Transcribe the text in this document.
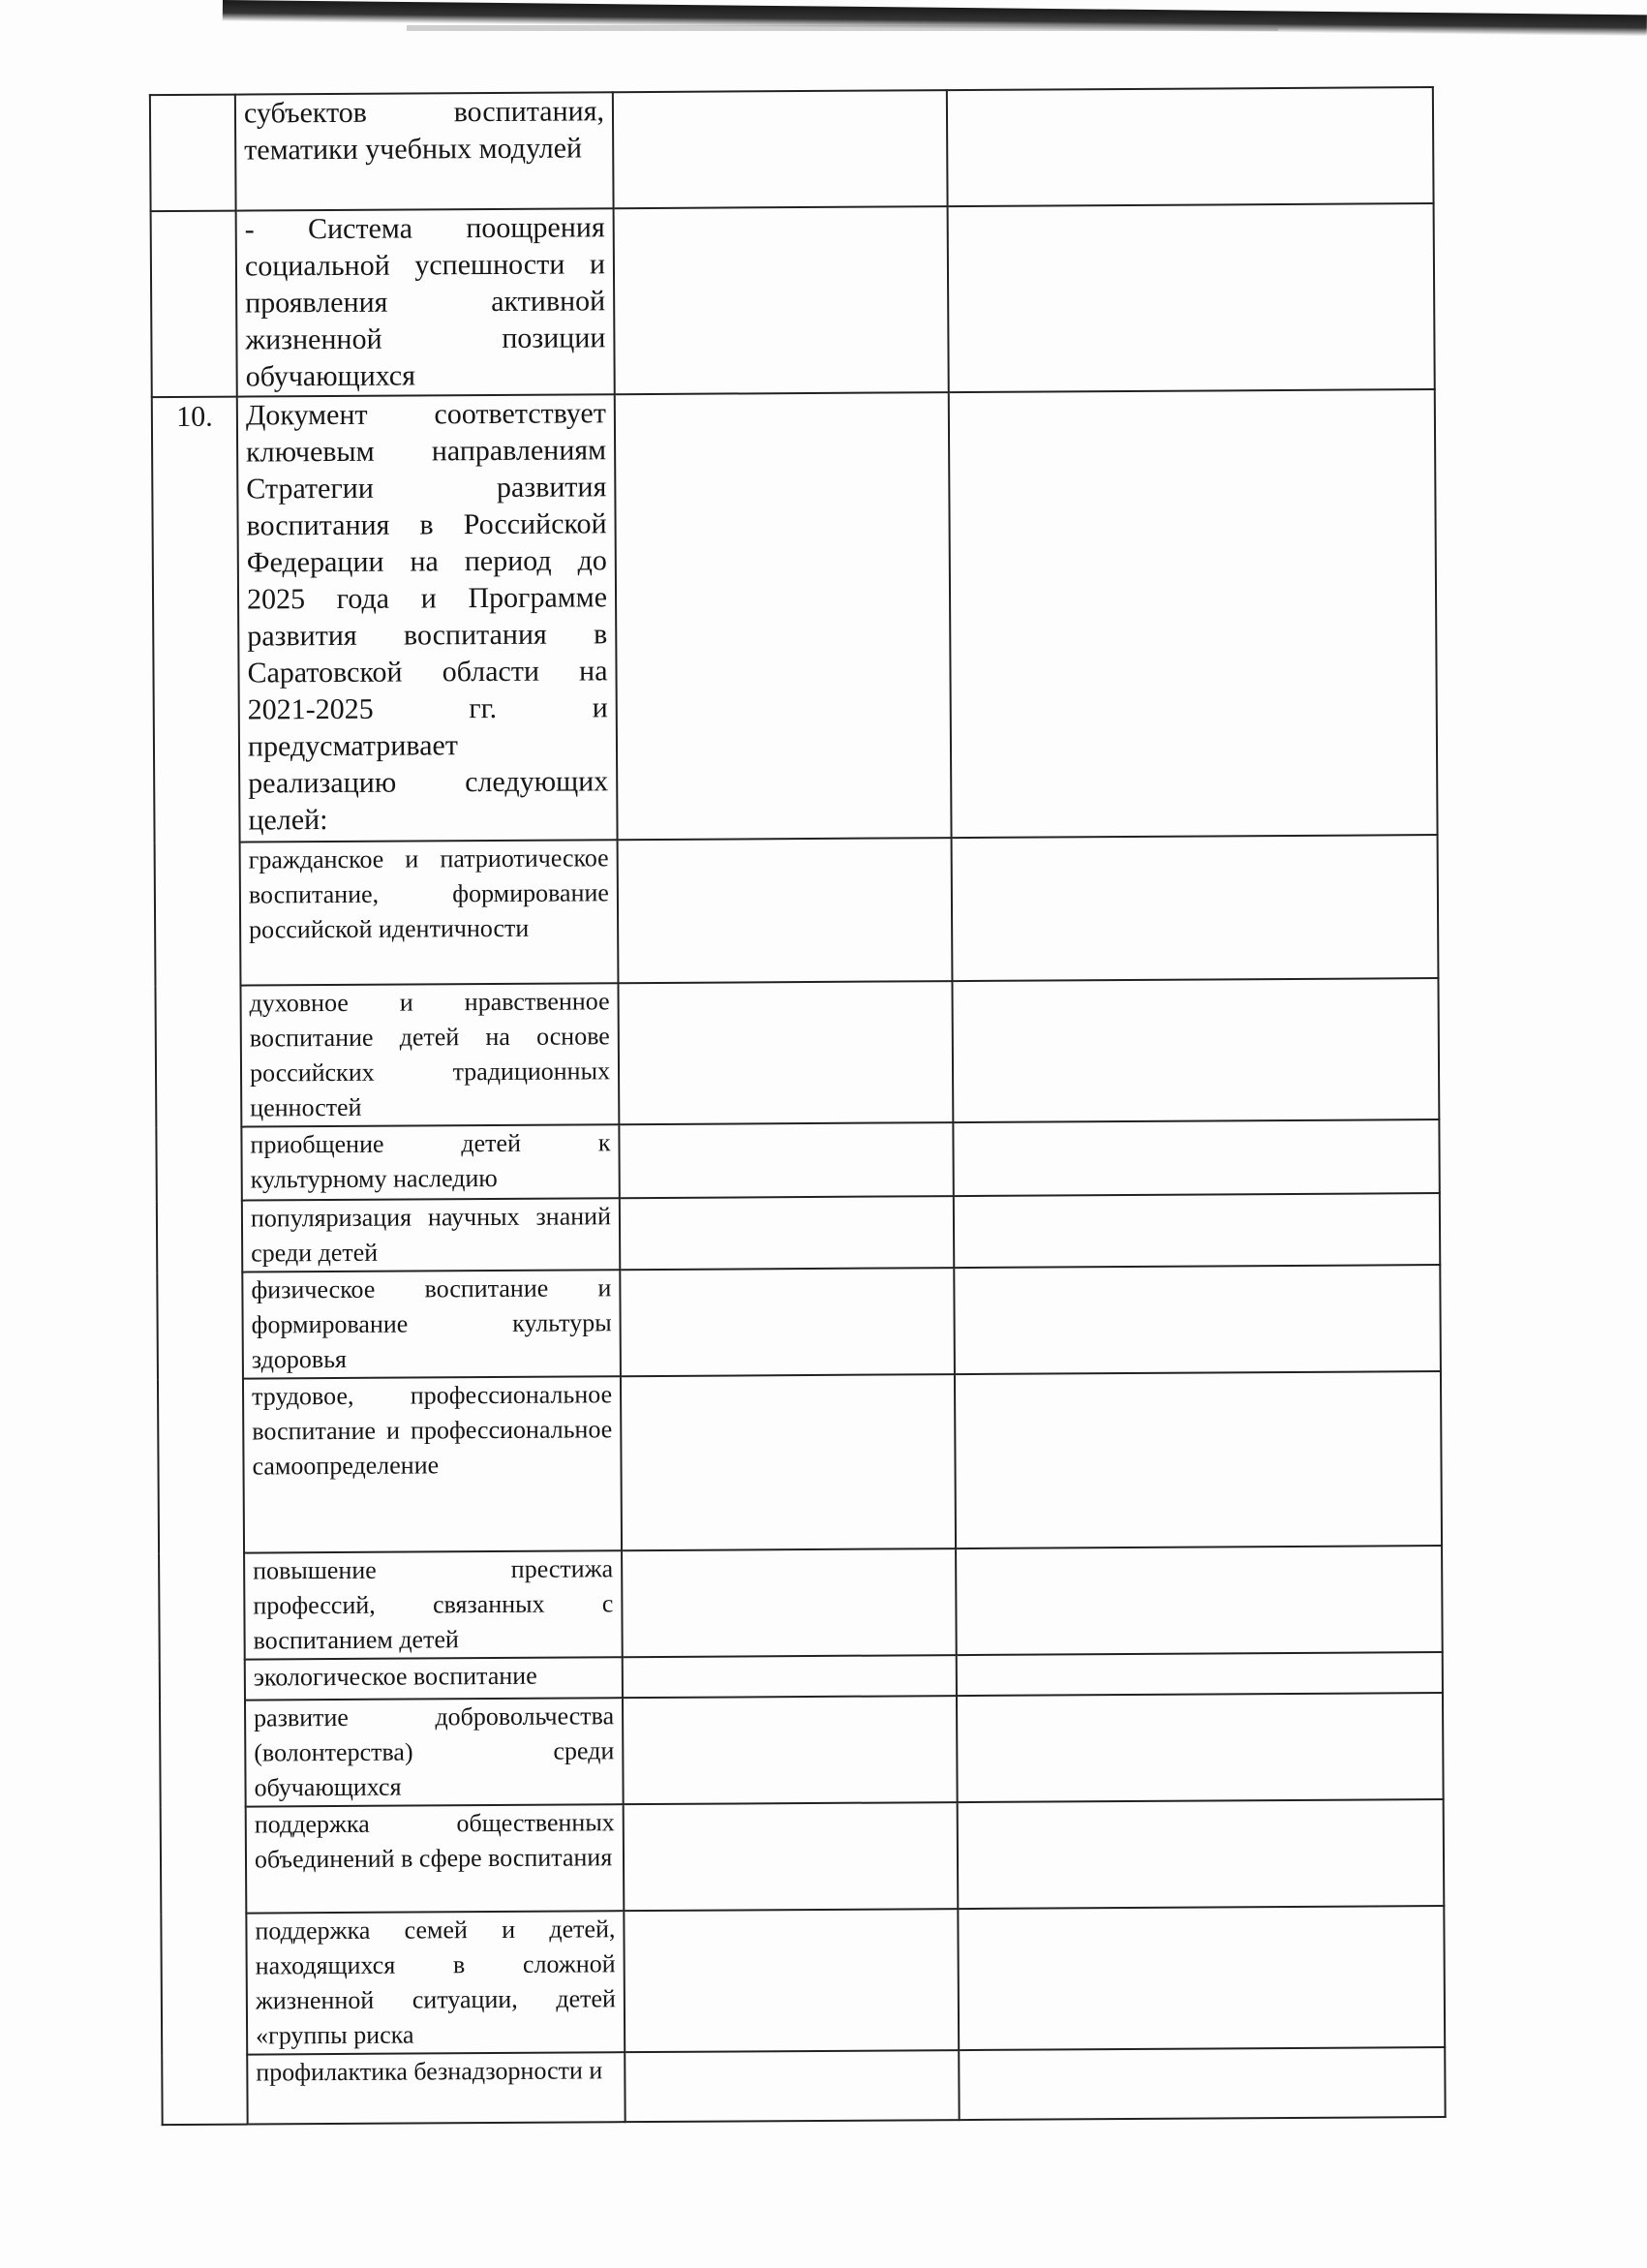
	субъектов воспитания, тематики учебных модулей		
	- Система поощрения социальной успешности и проявления активной жизненной позиции обучающихся		
10.	Документ соответствует ключевым направлениям Стратегии развития воспитания в Российской Федерации на период до 2025 года и Программе развития воспитания в Саратовской области на 2021-2025 гг. и предусматривает реализацию следующих целей:		
	гражданское и патриотическое воспитание, формирование российской идентичности		
	духовное и нравственное воспитание детей на основе российских традиционных ценностей		
	приобщение детей к культурному наследию		
	популяризация научных знаний среди детей		
	физическое воспитание и формирование культуры здоровья		
	трудовое, профессиональное воспитание и профессиональное самоопределение		
	повышение престижа профессий, связанных с воспитанием детей		
	экологическое воспитание		
	развитие добровольчества (волонтерства) среди обучающихся		
	поддержка общественных объединений в сфере воспитания		
	поддержка семей и детей, находящихся в сложной жизненной ситуации, детей «группы риска		
	профилактика безнадзорности и		
